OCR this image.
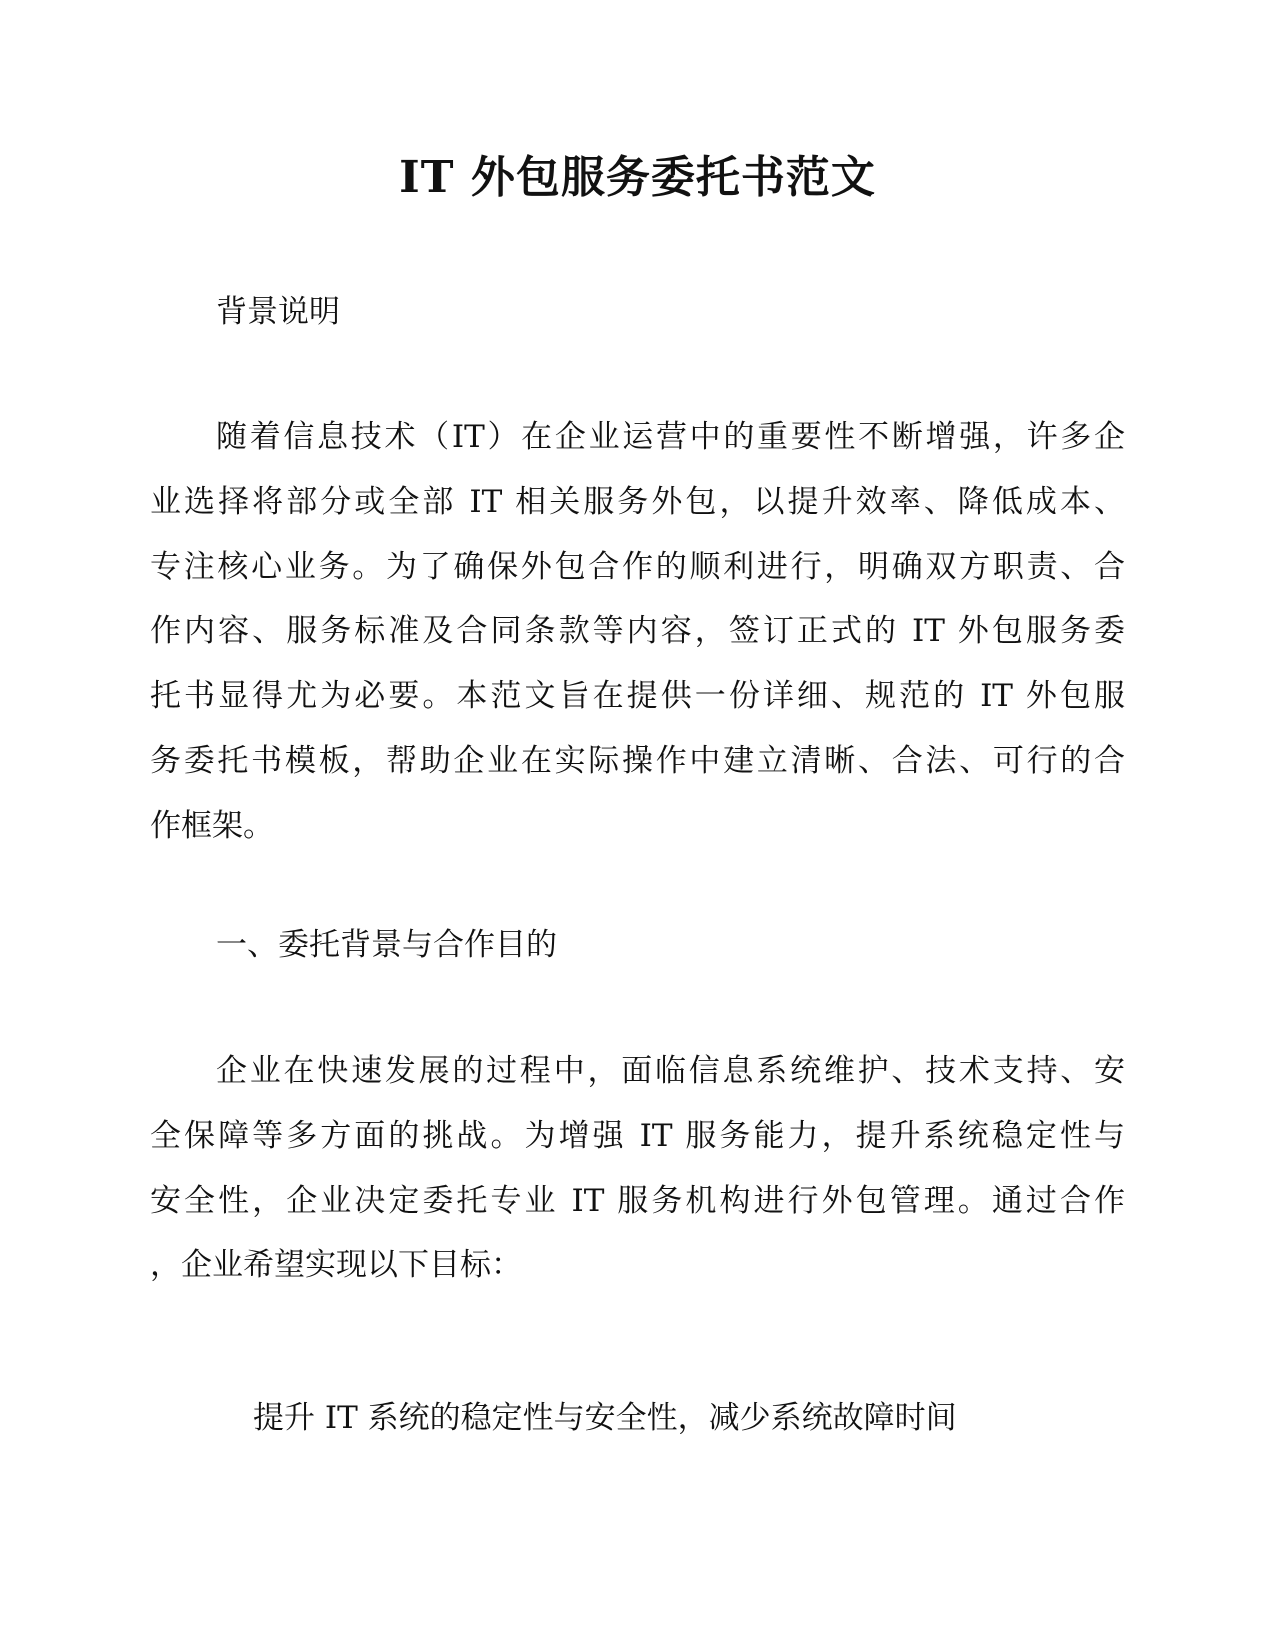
IT 外包服务委托书范文
背景说明
随着信息技术（IT）在企业运营中的重要性不断增强，许多企
业选择将部分或全部 IT 相关服务外包，以提升效率、降低成本、
专注核心业务。为了确保外包合作的顺利进行，明确双方职责、合
作内容、服务标准及合同条款等内容，签订正式的 IT 外包服务委
托书显得尤为必要。本范文旨在提供一份详细、规范的 IT 外包服
务委托书模板，帮助企业在实际操作中建立清晰、合法、可行的合
作框架。
一、委托背景与合作目的
企业在快速发展的过程中，面临信息系统维护、技术支持、安
全保障等多方面的挑战。为增强 IT 服务能力，提升系统稳定性与
安全性，企业决定委托专业 IT 服务机构进行外包管理。通过合作
，企业希望实现以下目标：

提升 IT 系统的稳定性与安全性，减少系统故障时间
